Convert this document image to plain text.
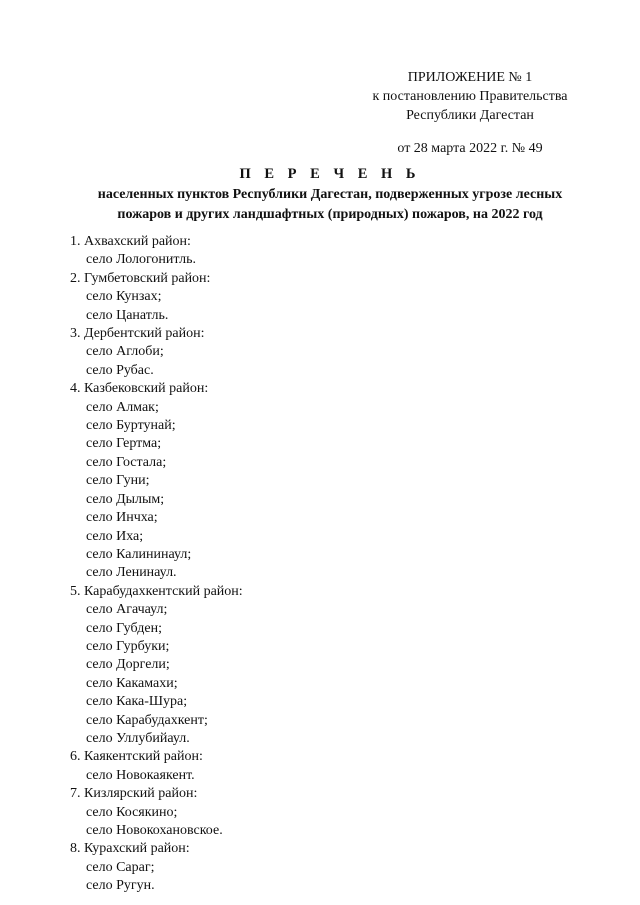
ПРИЛОЖЕНИЕ № 1
к постановлению Правительства
Республики Дагестан
от 28 марта 2022 г. № 49
П Е Р Е Ч Е Н Ь
населенных пунктов Республики Дагестан, подверженных угрозе лесных
пожаров и других ландшафтных (природных) пожаров, на 2022 год
1. Ахвахский район:
село Лологонитль.
2. Гумбетовский район:
село Кунзах;
село Цанатль.
3. Дербентский район:
село Аглоби;
село Рубас.
4. Казбековский район:
село Алмак;
село Буртунай;
село Гертма;
село Гостала;
село Гуни;
село Дылым;
село Инчха;
село Иха;
село Калининаул;
село Ленинаул.
5. Карабудахкентский район:
село Агачаул;
село Губден;
село Гурбуки;
село Доргели;
село Какамахи;
село Кака-Шура;
село Карабудахкент;
село Уллубийаул.
6. Каякентский район:
село Новокаякент.
7. Кизлярский район:
село Косякино;
село Новокохановское.
8. Курахский район:
село Сараг;
село Ругун.
